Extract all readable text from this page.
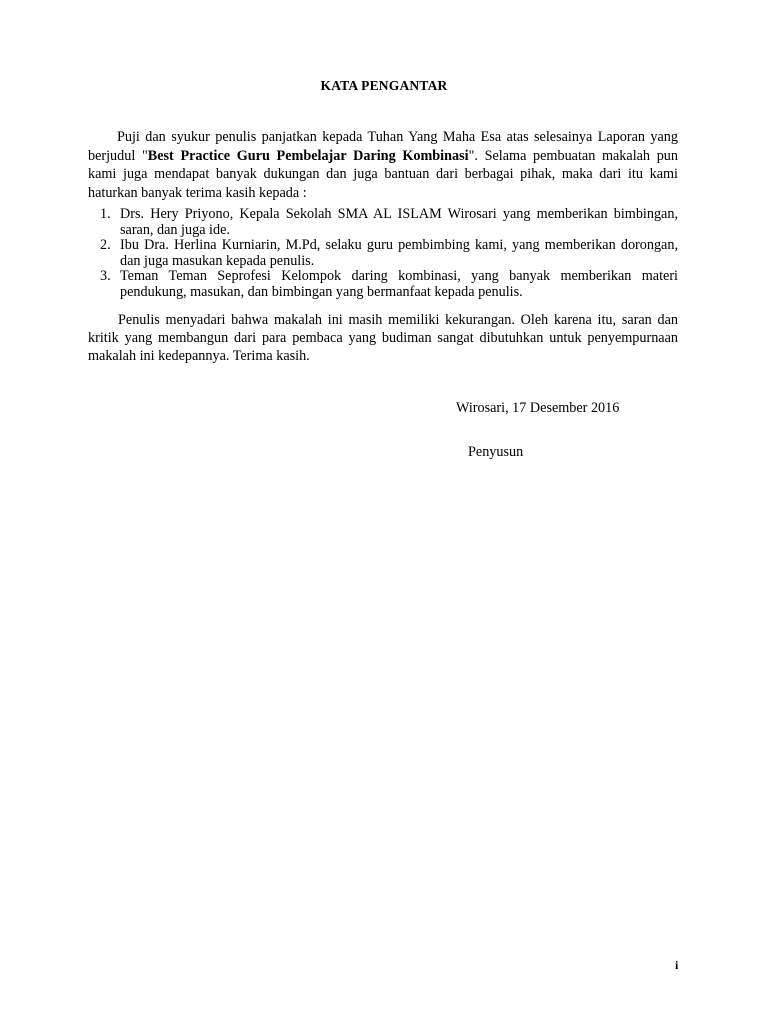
KATA PENGANTAR

Puji dan syukur penulis panjatkan kepada Tuhan Yang Maha Esa atas selesainya Laporan yang berjudul "Best Practice Guru Pembelajar Daring Kombinasi". Selama pembuatan makalah pun kami juga mendapat banyak dukungan dan juga bantuan dari berbagai pihak, maka dari itu kami haturkan banyak terima kasih kepada :

1. Drs. Hery Priyono, Kepala Sekolah SMA AL ISLAM Wirosari yang memberikan bimbingan, saran, dan juga ide.
2. Ibu Dra. Herlina Kurniarin, M.Pd, selaku guru pembimbing kami, yang memberikan dorongan, dan juga masukan kepada penulis.
3. Teman Teman Seprofesi Kelompok daring kombinasi, yang banyak memberikan materi pendukung, masukan, dan bimbingan yang bermanfaat kepada penulis.

Penulis menyadari bahwa makalah ini masih memiliki kekurangan. Oleh karena itu, saran dan kritik yang membangun dari para pembaca yang budiman sangat dibutuhkan untuk penyempurnaan makalah ini kedepannya. Terima kasih.

Wirosari, 17 Desember 2016
Penyusun
i
